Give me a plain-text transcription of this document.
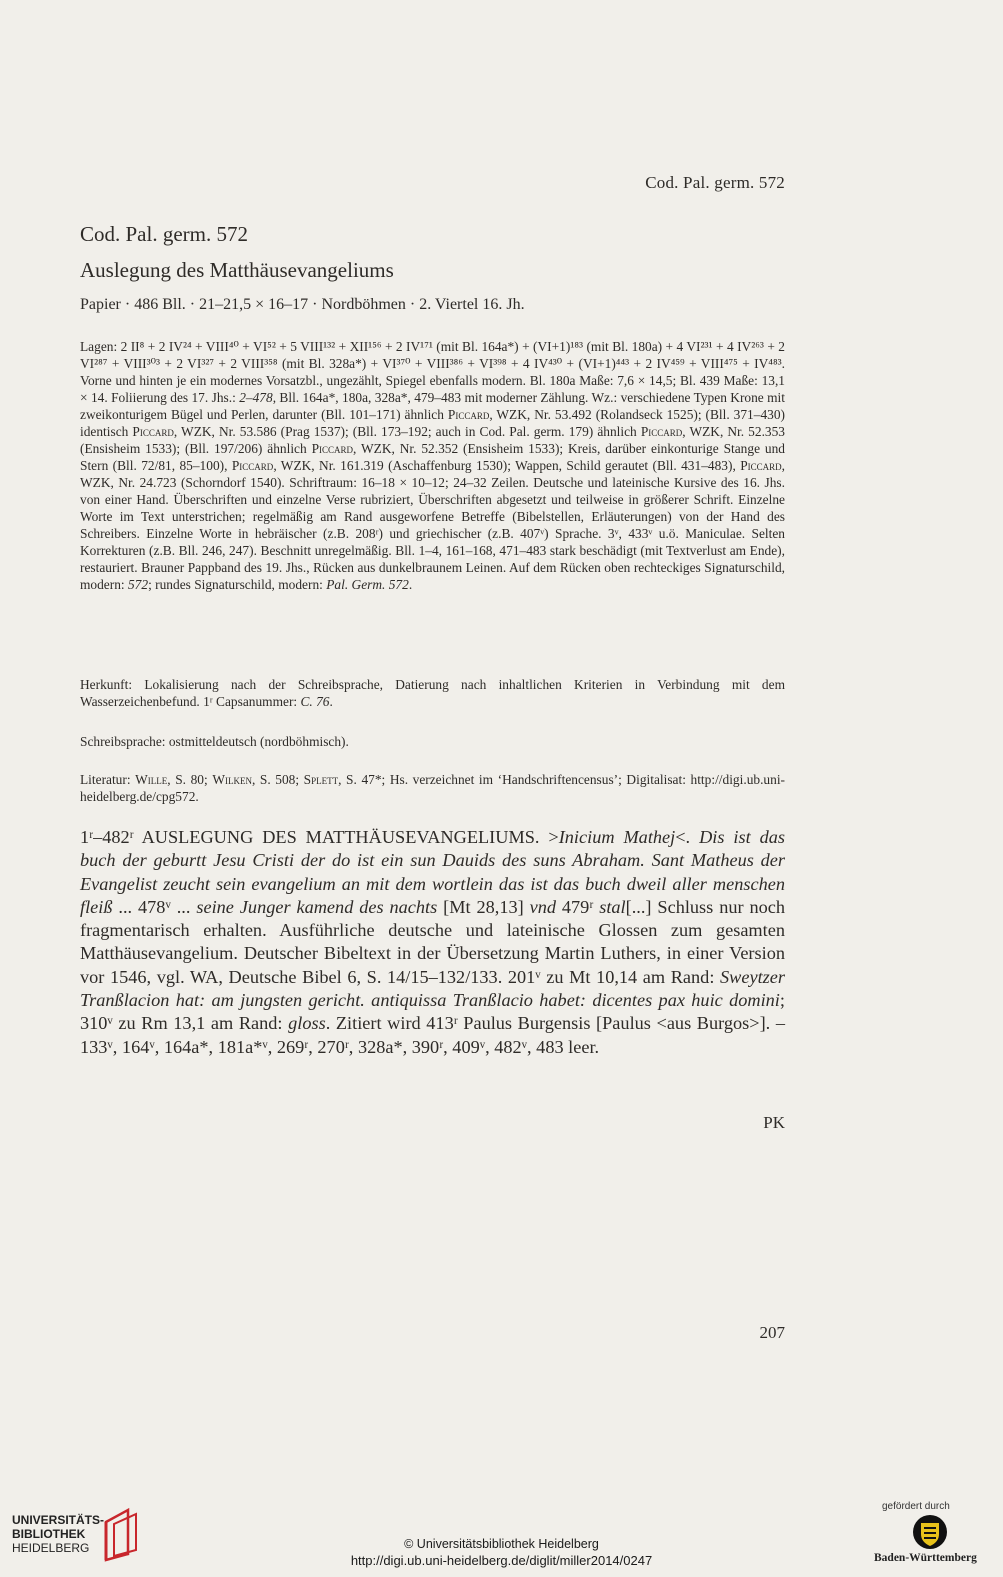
Cod. Pal. germ. 572
Cod. Pal. germ. 572
Auslegung des Matthäusevangeliums
Papier · 486 Bll. · 21–21,5 × 16–17 · Nordböhmen · 2. Viertel 16. Jh.
Lagen: 2 II⁸ + 2 IV²⁴ + VIII⁴⁰ + VI⁵² + 5 VIII¹³² + XII¹⁵⁶ + 2 IV¹⁷¹ (mit Bl. 164a*) + (VI+1)¹⁸³ (mit Bl. 180a) + 4 VI²³¹ + 4 IV²⁶³ + 2 VI²⁸⁷ + VIII³⁰³ + 2 VI³²⁷ + 2 VIII³⁵⁸ (mit Bl. 328a*) + VI³⁷⁰ + VIII³⁸⁶ + VI³⁹⁸ + 4 IV⁴³⁰ + (VI+1)⁴⁴³ + 2 IV⁴⁵⁹ + VIII⁴⁷⁵ + IV⁴⁸³. Vorne und hinten je ein modernes Vorsatzbl., ungezählt, Spiegel ebenfalls modern. Bl. 180a Maße: 7,6 × 14,5; Bl. 439 Maße: 13,1 × 14. Foliierung des 17. Jhs.: 2–478, Bll. 164a*, 180a, 328a*, 479–483 mit moderner Zählung. Wz.: verschiedene Typen Krone mit zweikonturigem Bügel und Perlen, darunter (Bll. 101–171) ähnlich Piccard, WZK, Nr. 53.492 (Rolandseck 1525); (Bll. 371–430) identisch Piccard, WZK, Nr. 53.586 (Prag 1537); (Bll. 173–192; auch in Cod. Pal. germ. 179) ähnlich Piccard, WZK, Nr. 52.353 (Ensisheim 1533); (Bll. 197/206) ähnlich Piccard, WZK, Nr. 52.352 (Ensisheim 1533); Kreis, darüber einkonturige Stange und Stern (Bll. 72/81, 85–100), Piccard, WZK, Nr. 161.319 (Aschaffenburg 1530); Wappen, Schild gerautet (Bll. 431–483), Piccard, WZK, Nr. 24.723 (Schorndorf 1540). Schriftraum: 16–18 × 10–12; 24–32 Zeilen. Deutsche und lateinische Kursive des 16. Jhs. von einer Hand. Überschriften und einzelne Verse rubriziert, Überschriften abgesetzt und teilweise in größerer Schrift. Einzelne Worte im Text unterstrichen; regelmäßig am Rand ausgeworfene Betreffe (Bibelstellen, Erläuterungen) von der Hand des Schreibers. Einzelne Worte in hebräischer (z.B. 208ʳ) und griechischer (z.B. 407ᵛ) Sprache. 3ᵛ, 433ᵛ u.ö. Maniculae. Selten Korrekturen (z.B. Bll. 246, 247). Beschnitt unregelmäßig. Bll. 1–4, 161–168, 471–483 stark beschädigt (mit Textverlust am Ende), restauriert. Brauner Pappband des 19. Jhs., Rücken aus dunkelbraunem Leinen. Auf dem Rücken oben rechteckiges Signaturschild, modern: 572; rundes Signaturschild, modern: Pal. Germ. 572.
Herkunft: Lokalisierung nach der Schreibsprache, Datierung nach inhaltlichen Kriterien in Verbindung mit dem Wasserzeichenbefund. 1ʳ Capsanummer: C. 76.
Schreibsprache: ostmitteldeutsch (nordböhmisch).
Literatur: Wille, S. 80; Wilken, S. 508; Splett, S. 47*; Hs. verzeichnet im ‘Handschriftencensus’; Digitalisat: http://digi.ub.uni-heidelberg.de/cpg572.
1ʳ–482ʳ AUSLEGUNG DES MATTHÄUSEVANGELIUMS. >Inicium Mathej<. Dis ist das buch der geburtt Jesu Cristi der do ist ein sun Dauids des suns Abraham. Sant Matheus der Evangelist zeucht sein evangelium an mit dem wortlein das ist das buch dweil aller menschen fleiß ... 478ᵛ ... seine Junger kamend des nachts [Mt 28,13] vnd 479ʳ stal[...] Schluss nur noch fragmentarisch erhalten. Ausführliche deutsche und lateinische Glossen zum gesamten Matthäusevangelium. Deutscher Bibeltext in der Übersetzung Martin Luthers, in einer Version vor 1546, vgl. WA, Deutsche Bibel 6, S. 14/15–132/133. 201ᵛ zu Mt 10,14 am Rand: Sweytzer Tranßlacion hat: am jungsten gericht. antiquissa Tranßlacio habet: dicentes pax huic domini; 310ᵛ zu Rm 13,1 am Rand: gloss. Zitiert wird 413ʳ Paulus Burgensis [Paulus <aus Burgos>]. – 133ᵛ, 164ᵛ, 164a*, 181a*ᵛ, 269ʳ, 270ʳ, 328a*, 390ʳ, 409ᵛ, 482ᵛ, 483 leer.
PK
207
UNIVERSITÄTS-
BIBLIOTHEK
HEIDELBERG	© Universitätsbibliothek Heidelberg
http://digi.ub.uni-heidelberg.de/diglit/miller2014/0247
gefördert durch
Baden-Württemberg
